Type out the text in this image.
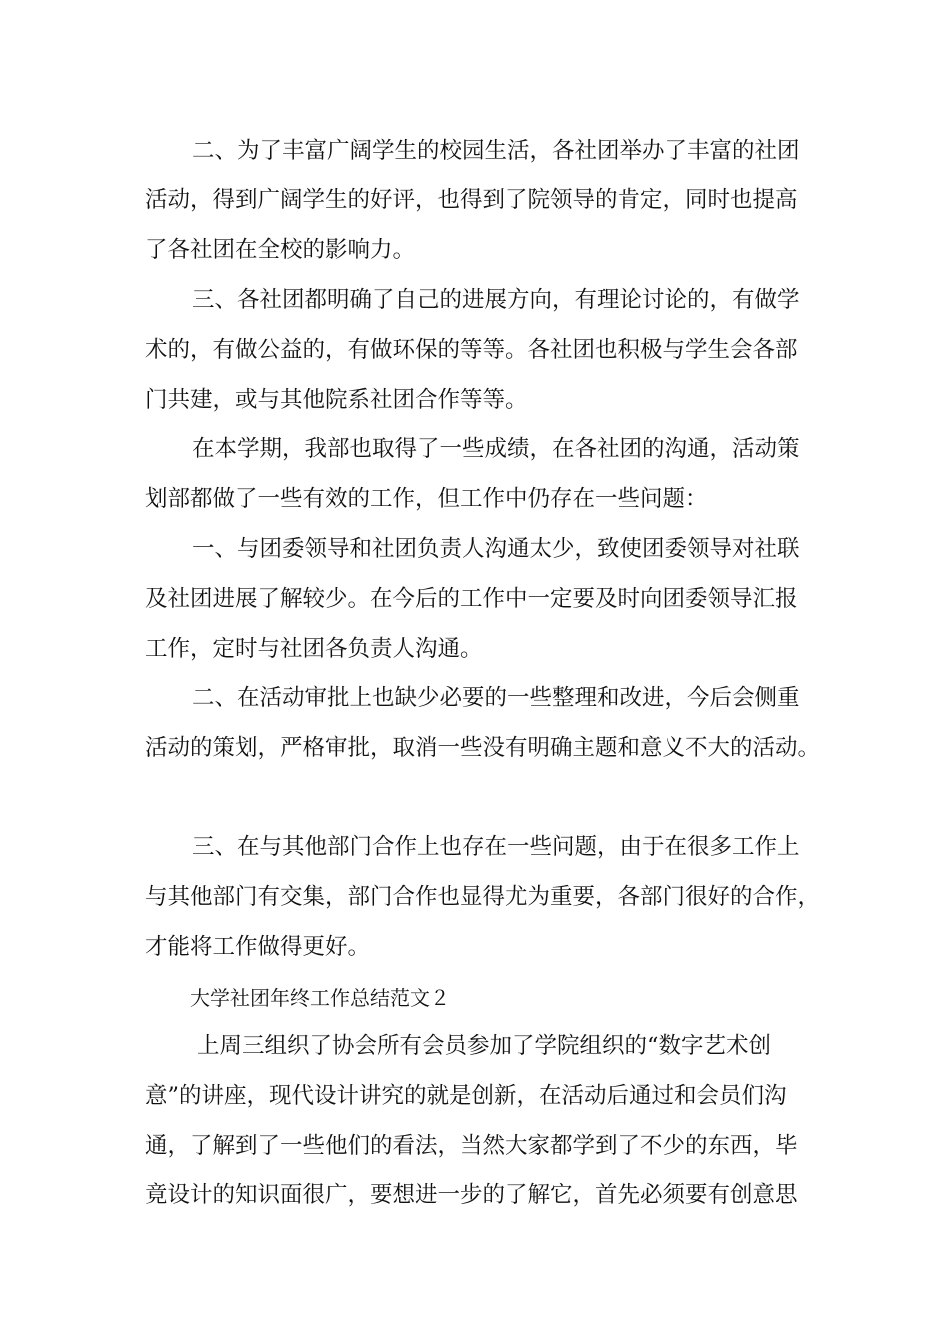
二、为了丰富广阔学生的校园生活，各社团举办了丰富的社团
活动，得到广阔学生的好评，也得到了院领导的肯定，同时也提高
了各社团在全校的影响力。
三、各社团都明确了自己的进展方向，有理论讨论的，有做学
术的，有做公益的，有做环保的等等。各社团也积极与学生会各部
门共建，或与其他院系社团合作等等。
在本学期，我部也取得了一些成绩，在各社团的沟通，活动策
划部都做了一些有效的工作，但工作中仍存在一些问题：
一、与团委领导和社团负责人沟通太少，致使团委领导对社联
及社团进展了解较少。在今后的工作中一定要及时向团委领导汇报
工作，定时与社团各负责人沟通。
二、在活动审批上也缺少必要的一些整理和改进，今后会侧重
活动的策划，严格审批，取消一些没有明确主题和意义不大的活动。
三、在与其他部门合作上也存在一些问题，由于在很多工作上
与其他部门有交集，部门合作也显得尤为重要，各部门很好的合作，
才能将工作做得更好。
大学社团年终工作总结范文２
上周三组织了协会所有会员参加了学院组织的“数字艺术创
意”的讲座，现代设计讲究的就是创新，在活动后通过和会员们沟
通，了解到了一些他们的看法，当然大家都学到了不少的东西，毕
竟设计的知识面很广，要想进一步的了解它，首先必须要有创意思
